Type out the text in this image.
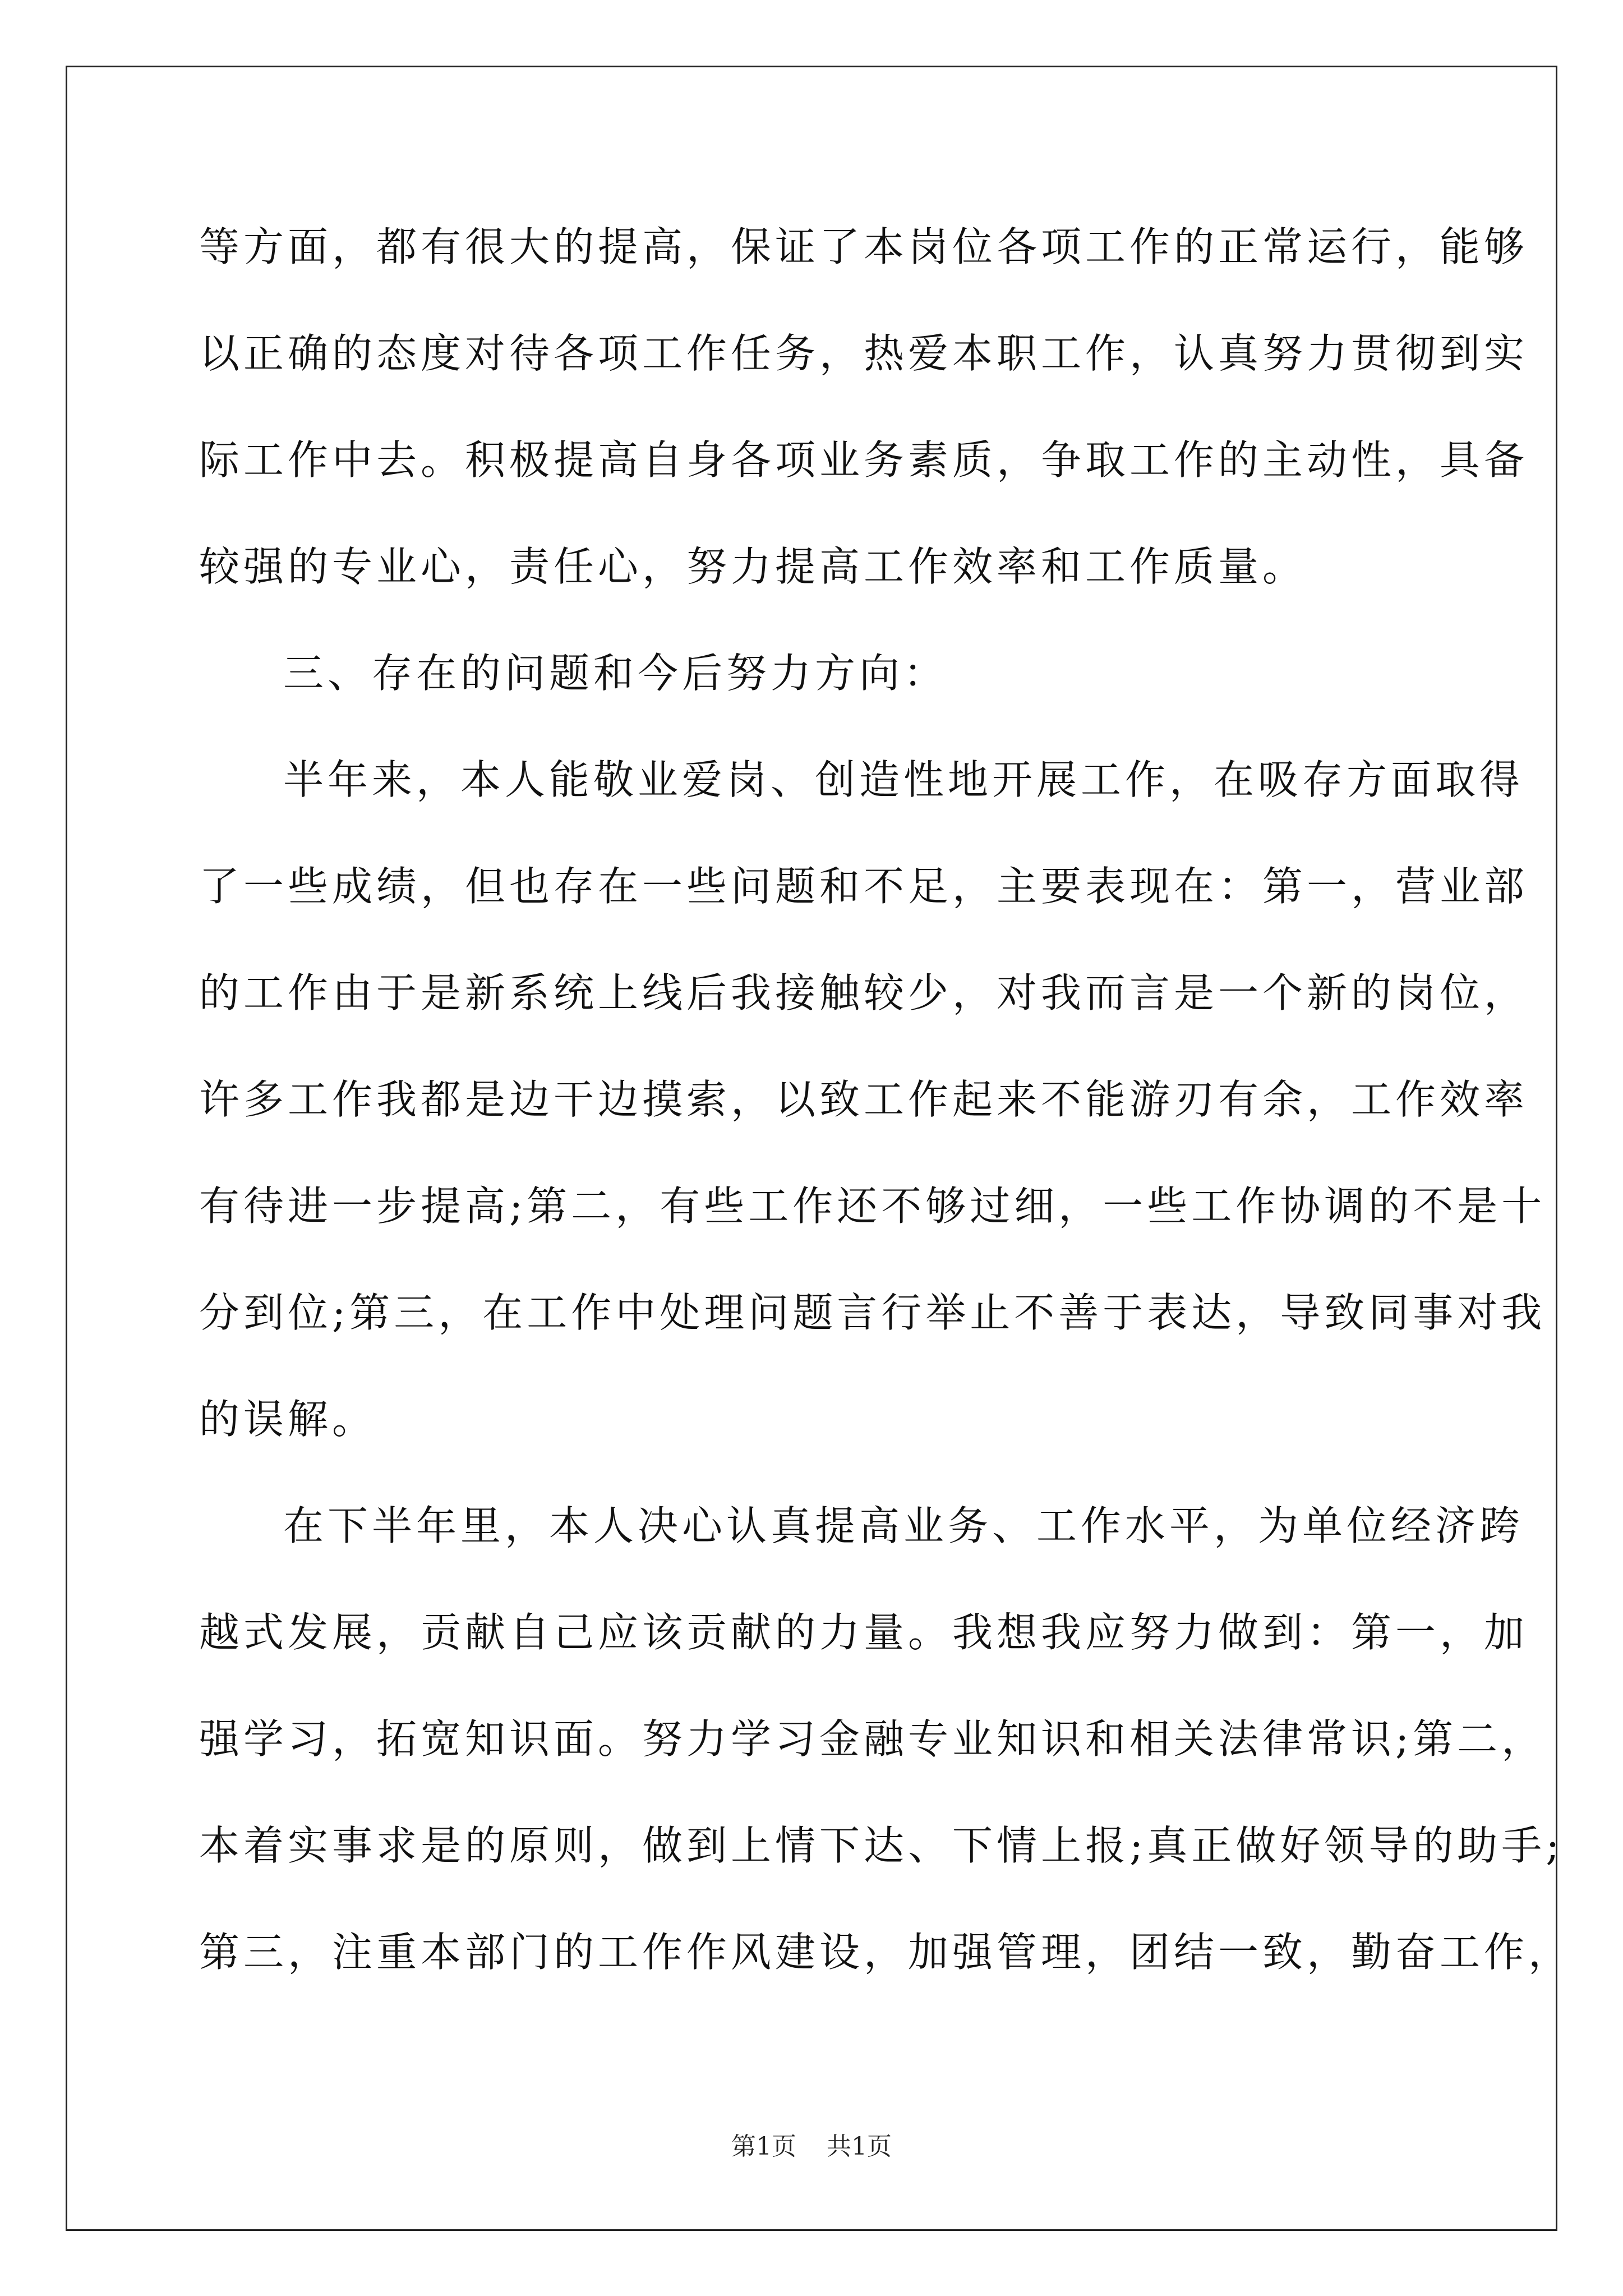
等方面，都有很大的提高，保证了本岗位各项工作的正常运行，能够
以正确的态度对待各项工作任务，热爱本职工作，认真努力贯彻到实
际工作中去。积极提高自身各项业务素质，争取工作的主动性，具备
较强的专业心，责任心，努力提高工作效率和工作质量。
三、存在的问题和今后努力方向：
半年来，本人能敬业爱岗、创造性地开展工作，在吸存方面取得
了一些成绩，但也存在一些问题和不足，主要表现在：第一，营业部
的工作由于是新系统上线后我接触较少，对我而言是一个新的岗位，
许多工作我都是边干边摸索，以致工作起来不能游刃有余，工作效率
有待进一步提高;第二，有些工作还不够过细，一些工作协调的不是十
分到位;第三，在工作中处理问题言行举止不善于表达，导致同事对我
的误解。
在下半年里，本人决心认真提高业务、工作水平，为单位经济跨
越式发展，贡献自己应该贡献的力量。我想我应努力做到：第一，加
强学习，拓宽知识面。努力学习金融专业知识和相关法律常识;第二，
本着实事求是的原则，做到上情下达、下情上报;真正做好领导的助手;
第三，注重本部门的工作作风建设，加强管理，团结一致，勤奋工作，
第1页 共1页
